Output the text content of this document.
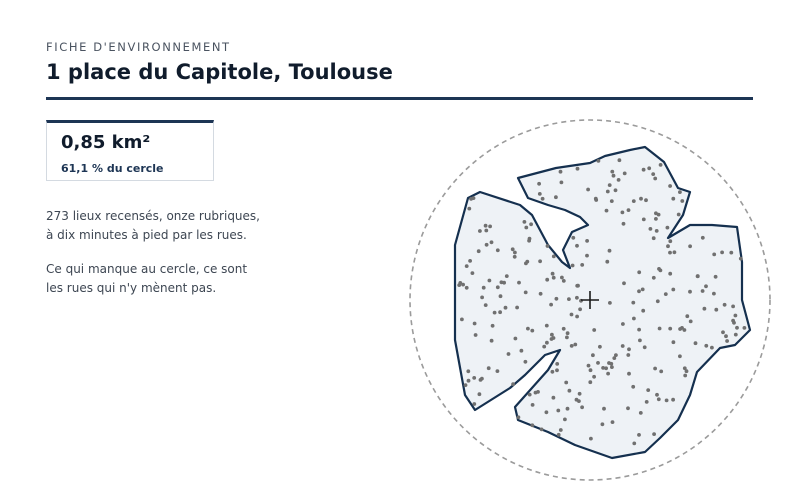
FICHE D'ENVIRONNEMENT
1 place du Capitole, Toulouse
0,85 km²
61,1 % du cercle
273 lieux recensés, onze rubriques,
à dix minutes à pied par les rues.
Ce qui manque au cercle, ce sont
les rues qui n'y mènent pas.
